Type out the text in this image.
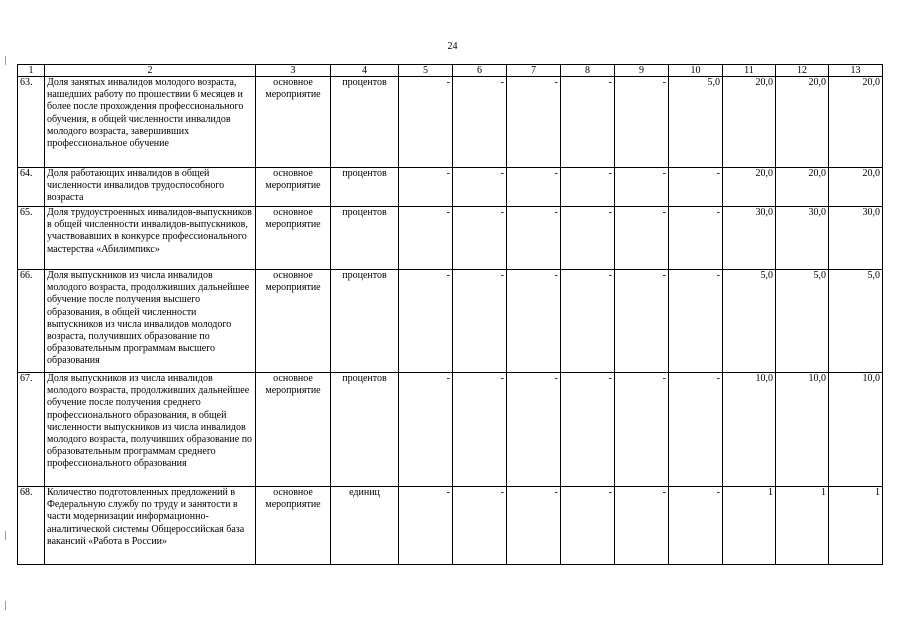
24
1	2	3	4	5	6	7	8	9	10	11	12	13
63.	Доля занятых инвалидов молодого возраста, нашедших работу по прошествии 6 месяцев и более после прохождения профессионального обучения, в общей численности инвалидов молодого возраста, завершивших профессиональное обучение	основное мероприятие	процентов	-	-	-	-	-	5,0	20,0	20,0	20,0
64.	Доля работающих инвалидов в общей численности инвалидов трудоспособного возраста	основное мероприятие	процентов	-	-	-	-	-	-	20,0	20,0	20,0
65.	Доля трудоустроенных инвалидов-выпускников в общей численности инвалидов-выпускников, участвовавших в конкурсе профессионального мастерства «Абилимпикс»	основное мероприятие	процентов	-	-	-	-	-	-	30,0	30,0	30,0
66.	Доля выпускников из числа инвалидов молодого возраста, продолживших дальнейшее обучение после получения высшего образования, в общей численности выпускников из числа инвалидов молодого возраста, получивших образование по образовательным программам высшего образования	основное мероприятие	процентов	-	-	-	-	-	-	5,0	5,0	5,0
67.	Доля выпускников из числа инвалидов молодого возраста, продолживших дальнейшее обучение после получения среднего профессионального образования, в общей численности выпускников из числа инвалидов молодого возраста, получивших образование по образовательным программам среднего профессионального образования	основное мероприятие	процентов	-	-	-	-	-	-	10,0	10,0	10,0
68.	Количество подготовленных предложений в Федеральную службу по труду и занятости в части модернизации информационно-аналитической системы Общероссийская база вакансий «Работа в России»	основное мероприятие	единиц	-	-	-	-	-	-	1	1	1
